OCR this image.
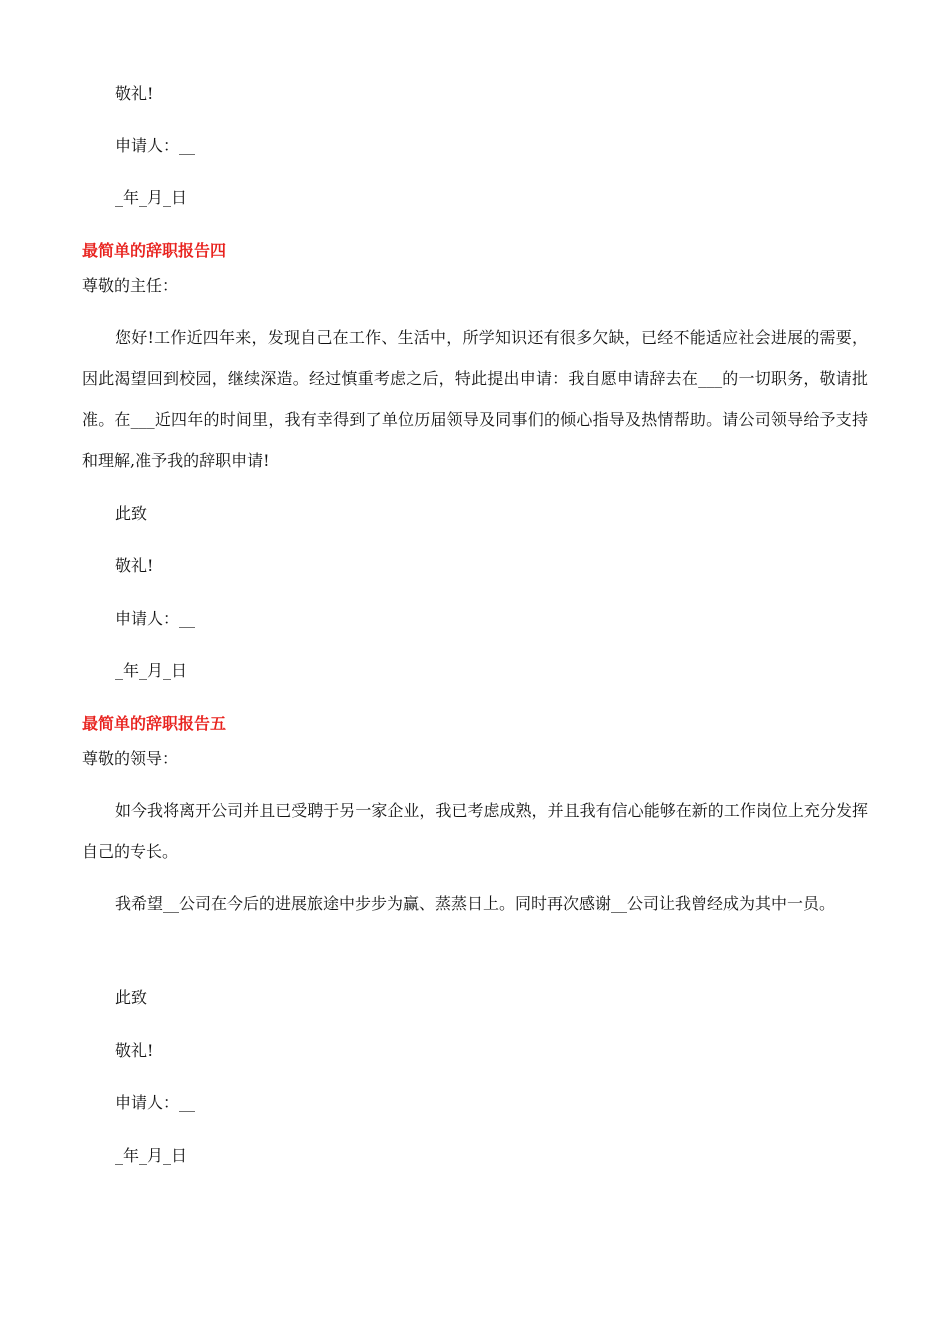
敬礼!

申请人：__

_年_月_日

最简单的辞职报告四

尊敬的主任：

您好!工作近四年来，发现自己在工作、生活中，所学知识还有很多欠缺，已经不能适应社会进展的需要，因此渴望回到校园，继续深造。经过慎重考虑之后，特此提出申请：我自愿申请辞去在___的一切职务，敬请批准。在___近四年的时间里，我有幸得到了单位历届领导及同事们的倾心指导及热情帮助。请公司领导给予支持和理解,准予我的辞职申请!

此致

敬礼!

申请人：__

_年_月_日

最简单的辞职报告五

尊敬的领导：

如今我将离开公司并且已受聘于另一家企业，我已考虑成熟，并且我有信心能够在新的工作岗位上充分发挥自己的专长。

我希望__公司在今后的进展旅途中步步为赢、蒸蒸日上。同时再次感谢__公司让我曾经成为其中一员。

此致

敬礼!

申请人：__

_年_月_日
